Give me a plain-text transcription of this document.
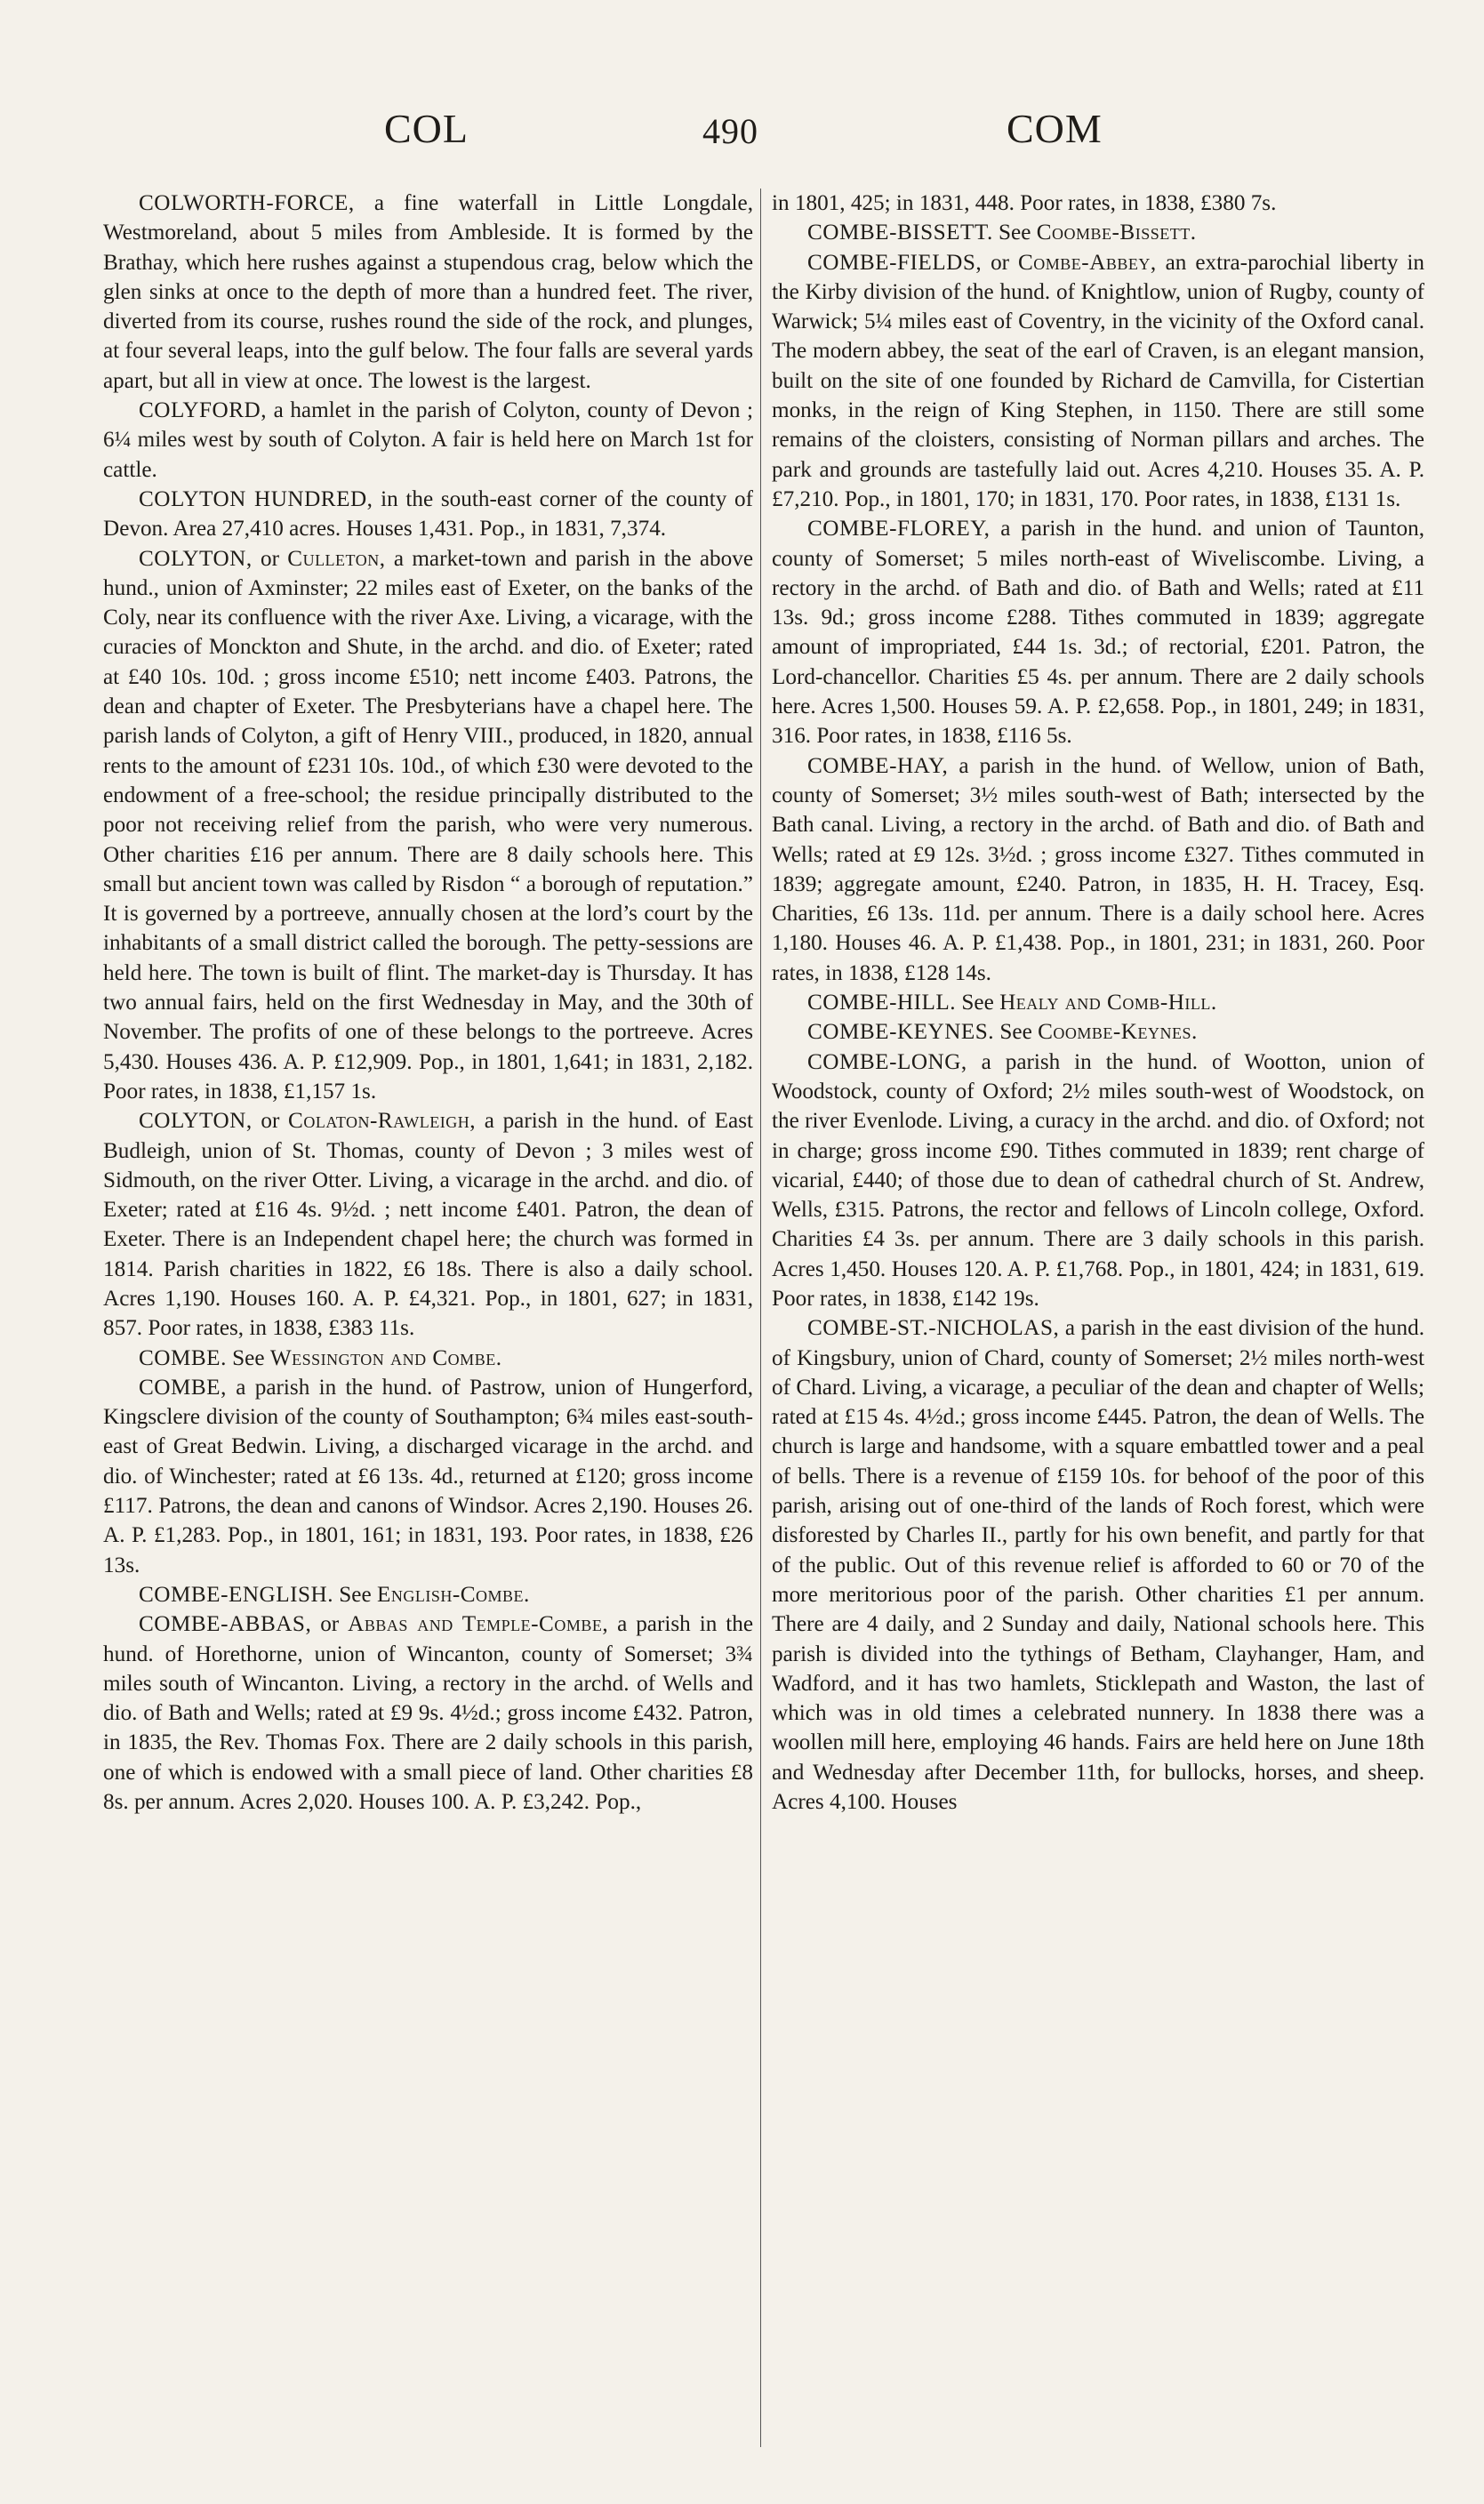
COL	490	COM

COLWORTH-FORCE, a fine waterfall in Little Longdale, Westmoreland, about 5 miles from Ambleside. It is formed by the Brathay, which here rushes against a stupendous crag, below which the glen sinks at once to the depth of more than a hundred feet. The river, diverted from its course, rushes round the side of the rock, and plunges, at four several leaps, into the gulf below. The four falls are several yards apart, but all in view at once. The lowest is the largest.

COLYFORD, a hamlet in the parish of Colyton, county of Devon ; 6¼ miles west by south of Colyton. A fair is held here on March 1st for cattle.

COLYTON HUNDRED, in the south-east corner of the county of Devon. Area 27,410 acres. Houses 1,431. Pop., in 1831, 7,374.

COLYTON, or Culleton, a market-town and parish in the above hund., union of Axminster; 22 miles east of Exeter, on the banks of the Coly, near its confluence with the river Axe. Living, a vicarage, with the curacies of Monckton and Shute, in the archd. and dio. of Exeter; rated at £40 10s. 10d. ; gross income £510; nett income £403. Patrons, the dean and chapter of Exeter. The Presbyterians have a chapel here. The parish lands of Colyton, a gift of Henry VIII., produced, in 1820, annual rents to the amount of £231 10s. 10d., of which £30 were devoted to the endowment of a free-school; the residue principally distributed to the poor not receiving relief from the parish, who were very numerous. Other charities £16 per annum. There are 8 daily schools here. This small but ancient town was called by Risdon “ a borough of reputation.” It is governed by a portreeve, annually chosen at the lord’s court by the inhabitants of a small district called the borough. The petty-sessions are held here. The town is built of flint. The market-day is Thursday. It has two annual fairs, held on the first Wednesday in May, and the 30th of November. The profits of one of these belongs to the portreeve. Acres 5,430. Houses 436. A. P. £12,909. Pop., in 1801, 1,641; in 1831, 2,182. Poor rates, in 1838, £1,157 1s.

COLYTON, or Colaton-Rawleigh, a parish in the hund. of East Budleigh, union of St. Thomas, county of Devon ; 3 miles west of Sidmouth, on the river Otter. Living, a vicarage in the archd. and dio. of Exeter; rated at £16 4s. 9½d. ; nett income £401. Patron, the dean of Exeter. There is an Independent chapel here; the church was formed in 1814. Parish charities in 1822, £6 18s. There is also a daily school. Acres 1,190. Houses 160. A. P. £4,321. Pop., in 1801, 627; in 1831, 857. Poor rates, in 1838, £383 11s.

COMBE. See Wessington and Combe.

COMBE, a parish in the hund. of Pastrow, union of Hungerford, Kingsclere division of the county of Southampton; 6¾ miles east-south-east of Great Bedwin. Living, a discharged vicarage in the archd. and dio. of Winchester; rated at £6 13s. 4d., returned at £120; gross income £117. Patrons, the dean and canons of Windsor. Acres 2,190. Houses 26. A. P. £1,283. Pop., in 1801, 161; in 1831, 193. Poor rates, in 1838, £26 13s.

COMBE-ENGLISH. See English-Combe.

COMBE-ABBAS, or Abbas and Temple-Combe, a parish in the hund. of Horethorne, union of Wincanton, county of Somerset; 3¾ miles south of Wincanton. Living, a rectory in the archd. of Wells and dio. of Bath and Wells; rated at £9 9s. 4½d.; gross income £432. Patron, in 1835, the Rev. Thomas Fox. There are 2 daily schools in this parish, one of which is endowed with a small piece of land. Other charities £8 8s. per annum. Acres 2,020. Houses 100. A. P. £3,242. Pop.,

in 1801, 425; in 1831, 448. Poor rates, in 1838, £380 7s.

COMBE-BISSETT. See Coombe-Bissett.

COMBE-FIELDS, or Combe-Abbey, an extra-parochial liberty in the Kirby division of the hund. of Knightlow, union of Rugby, county of Warwick; 5¼ miles east of Coventry, in the vicinity of the Oxford canal. The modern abbey, the seat of the earl of Craven, is an elegant mansion, built on the site of one founded by Richard de Camvilla, for Cistertian monks, in the reign of King Stephen, in 1150. There are still some remains of the cloisters, consisting of Norman pillars and arches. The park and grounds are tastefully laid out. Acres 4,210. Houses 35. A. P. £7,210. Pop., in 1801, 170; in 1831, 170. Poor rates, in 1838, £131 1s.

COMBE-FLOREY, a parish in the hund. and union of Taunton, county of Somerset; 5 miles north-east of Wiveliscombe. Living, a rectory in the archd. of Bath and dio. of Bath and Wells; rated at £11 13s. 9d.; gross income £288. Tithes commuted in 1839; aggregate amount of impropriated, £44 1s. 3d.; of rectorial, £201. Patron, the Lord-chancellor. Charities £5 4s. per annum. There are 2 daily schools here. Acres 1,500. Houses 59. A. P. £2,658. Pop., in 1801, 249; in 1831, 316. Poor rates, in 1838, £116 5s.

COMBE-HAY, a parish in the hund. of Wellow, union of Bath, county of Somerset; 3½ miles south-west of Bath; intersected by the Bath canal. Living, a rectory in the archd. of Bath and dio. of Bath and Wells; rated at £9 12s. 3½d. ; gross income £327. Tithes commuted in 1839; aggregate amount, £240. Patron, in 1835, H. H. Tracey, Esq. Charities, £6 13s. 11d. per annum. There is a daily school here. Acres 1,180. Houses 46. A. P. £1,438. Pop., in 1801, 231; in 1831, 260. Poor rates, in 1838, £128 14s.

COMBE-HILL. See Healy and Comb-Hill.

COMBE-KEYNES. See Coombe-Keynes.

COMBE-LONG, a parish in the hund. of Wootton, union of Woodstock, county of Oxford; 2½ miles south-west of Woodstock, on the river Evenlode. Living, a curacy in the archd. and dio. of Oxford; not in charge; gross income £90. Tithes commuted in 1839; rent charge of vicarial, £440; of those due to dean of cathedral church of St. Andrew, Wells, £315. Patrons, the rector and fellows of Lincoln college, Oxford. Charities £4 3s. per annum. There are 3 daily schools in this parish. Acres 1,450. Houses 120. A. P. £1,768. Pop., in 1801, 424; in 1831, 619. Poor rates, in 1838, £142 19s.

COMBE-ST.-NICHOLAS, a parish in the east division of the hund. of Kingsbury, union of Chard, county of Somerset; 2½ miles north-west of Chard. Living, a vicarage, a peculiar of the dean and chapter of Wells; rated at £15 4s. 4½d.; gross income £445. Patron, the dean of Wells. The church is large and handsome, with a square embattled tower and a peal of bells. There is a revenue of £159 10s. for behoof of the poor of this parish, arising out of one-third of the lands of Roch forest, which were disforested by Charles II., partly for his own benefit, and partly for that of the public. Out of this revenue relief is afforded to 60 or 70 of the more meritorious poor of the parish. Other charities £1 per annum. There are 4 daily, and 2 Sunday and daily, National schools here. This parish is divided into the tythings of Betham, Clayhanger, Ham, and Wadford, and it has two hamlets, Sticklepath and Waston, the last of which was in old times a celebrated nunnery. In 1838 there was a woollen mill here, employing 46 hands. Fairs are held here on June 18th and Wednesday after December 11th, for bullocks, horses, and sheep. Acres 4,100. Houses
